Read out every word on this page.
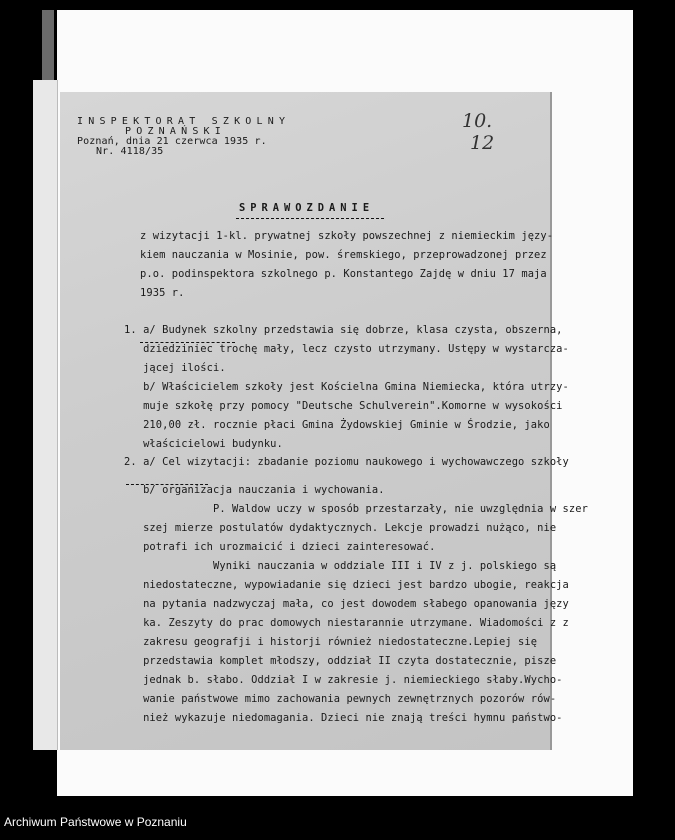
INSPEKTORAT SZKOLNY
POZNAŃSKI
Poznań, dnia 21 czerwca 1935 r.
Nr. 4118/35
10.
12
SPRAWOZDANIE
z wizytacji 1-kl. prywatnej szkoły powszechnej z niemieckim języ-
kiem nauczania w Mosinie, pow. śremskiego, przeprowadzonej przez
p.o. podinspektora szkolnego p. Konstantego Zajdę w dniu 17 maja
1935 r.
1. a/ Budynek szkolny przedstawia się dobrze, klasa czysta, obszerna,
dziedziniec trochę mały, lecz czysto utrzymany. Ustępy w wystarcza-
jącej ilości.
b/ Właścicielem szkoły jest Kościelna Gmina Niemiecka, która utrzy-
muje szkołę przy pomocy "Deutsche Schulverein".Komorne w wysokości
210,00 zł. rocznie płaci Gmina Żydowskiej Gminie w Środzie, jako
właścicielowi budynku.
2. a/ Cel wizytacji: zbadanie poziomu naukowego i wychowawczego szkoły
b/ organizacja nauczania i wychowania.
P. Waldow uczy w sposób przestarzały, nie uwzględnia w szer
szej mierze postulatów dydaktycznych. Lekcje prowadzi nużąco, nie
potrafi ich urozmaicić i dzieci zainteresować.
Wyniki nauczania w oddziale III i IV z j. polskiego są
niedostateczne, wypowiadanie się dzieci jest bardzo ubogie, reakcja
na pytania nadzwyczaj mała, co jest dowodem słabego opanowania języ
ka. Zeszyty do prac domowych niestarannie utrzymane. Wiadomości z z
zakresu geografji i historji również niedostateczne.Lepiej się
przedstawia komplet młodszy, oddział II czyta dostatecznie, pisze
jednak b. słabo. Oddział I w zakresie j. niemieckiego słaby.Wycho-
wanie państwowe mimo zachowania pewnych zewnętrznych pozorów rów-
nież wykazuje niedomagania. Dzieci nie znają treści hymnu państwo-
Archiwum Państwowe w Poznaniu
